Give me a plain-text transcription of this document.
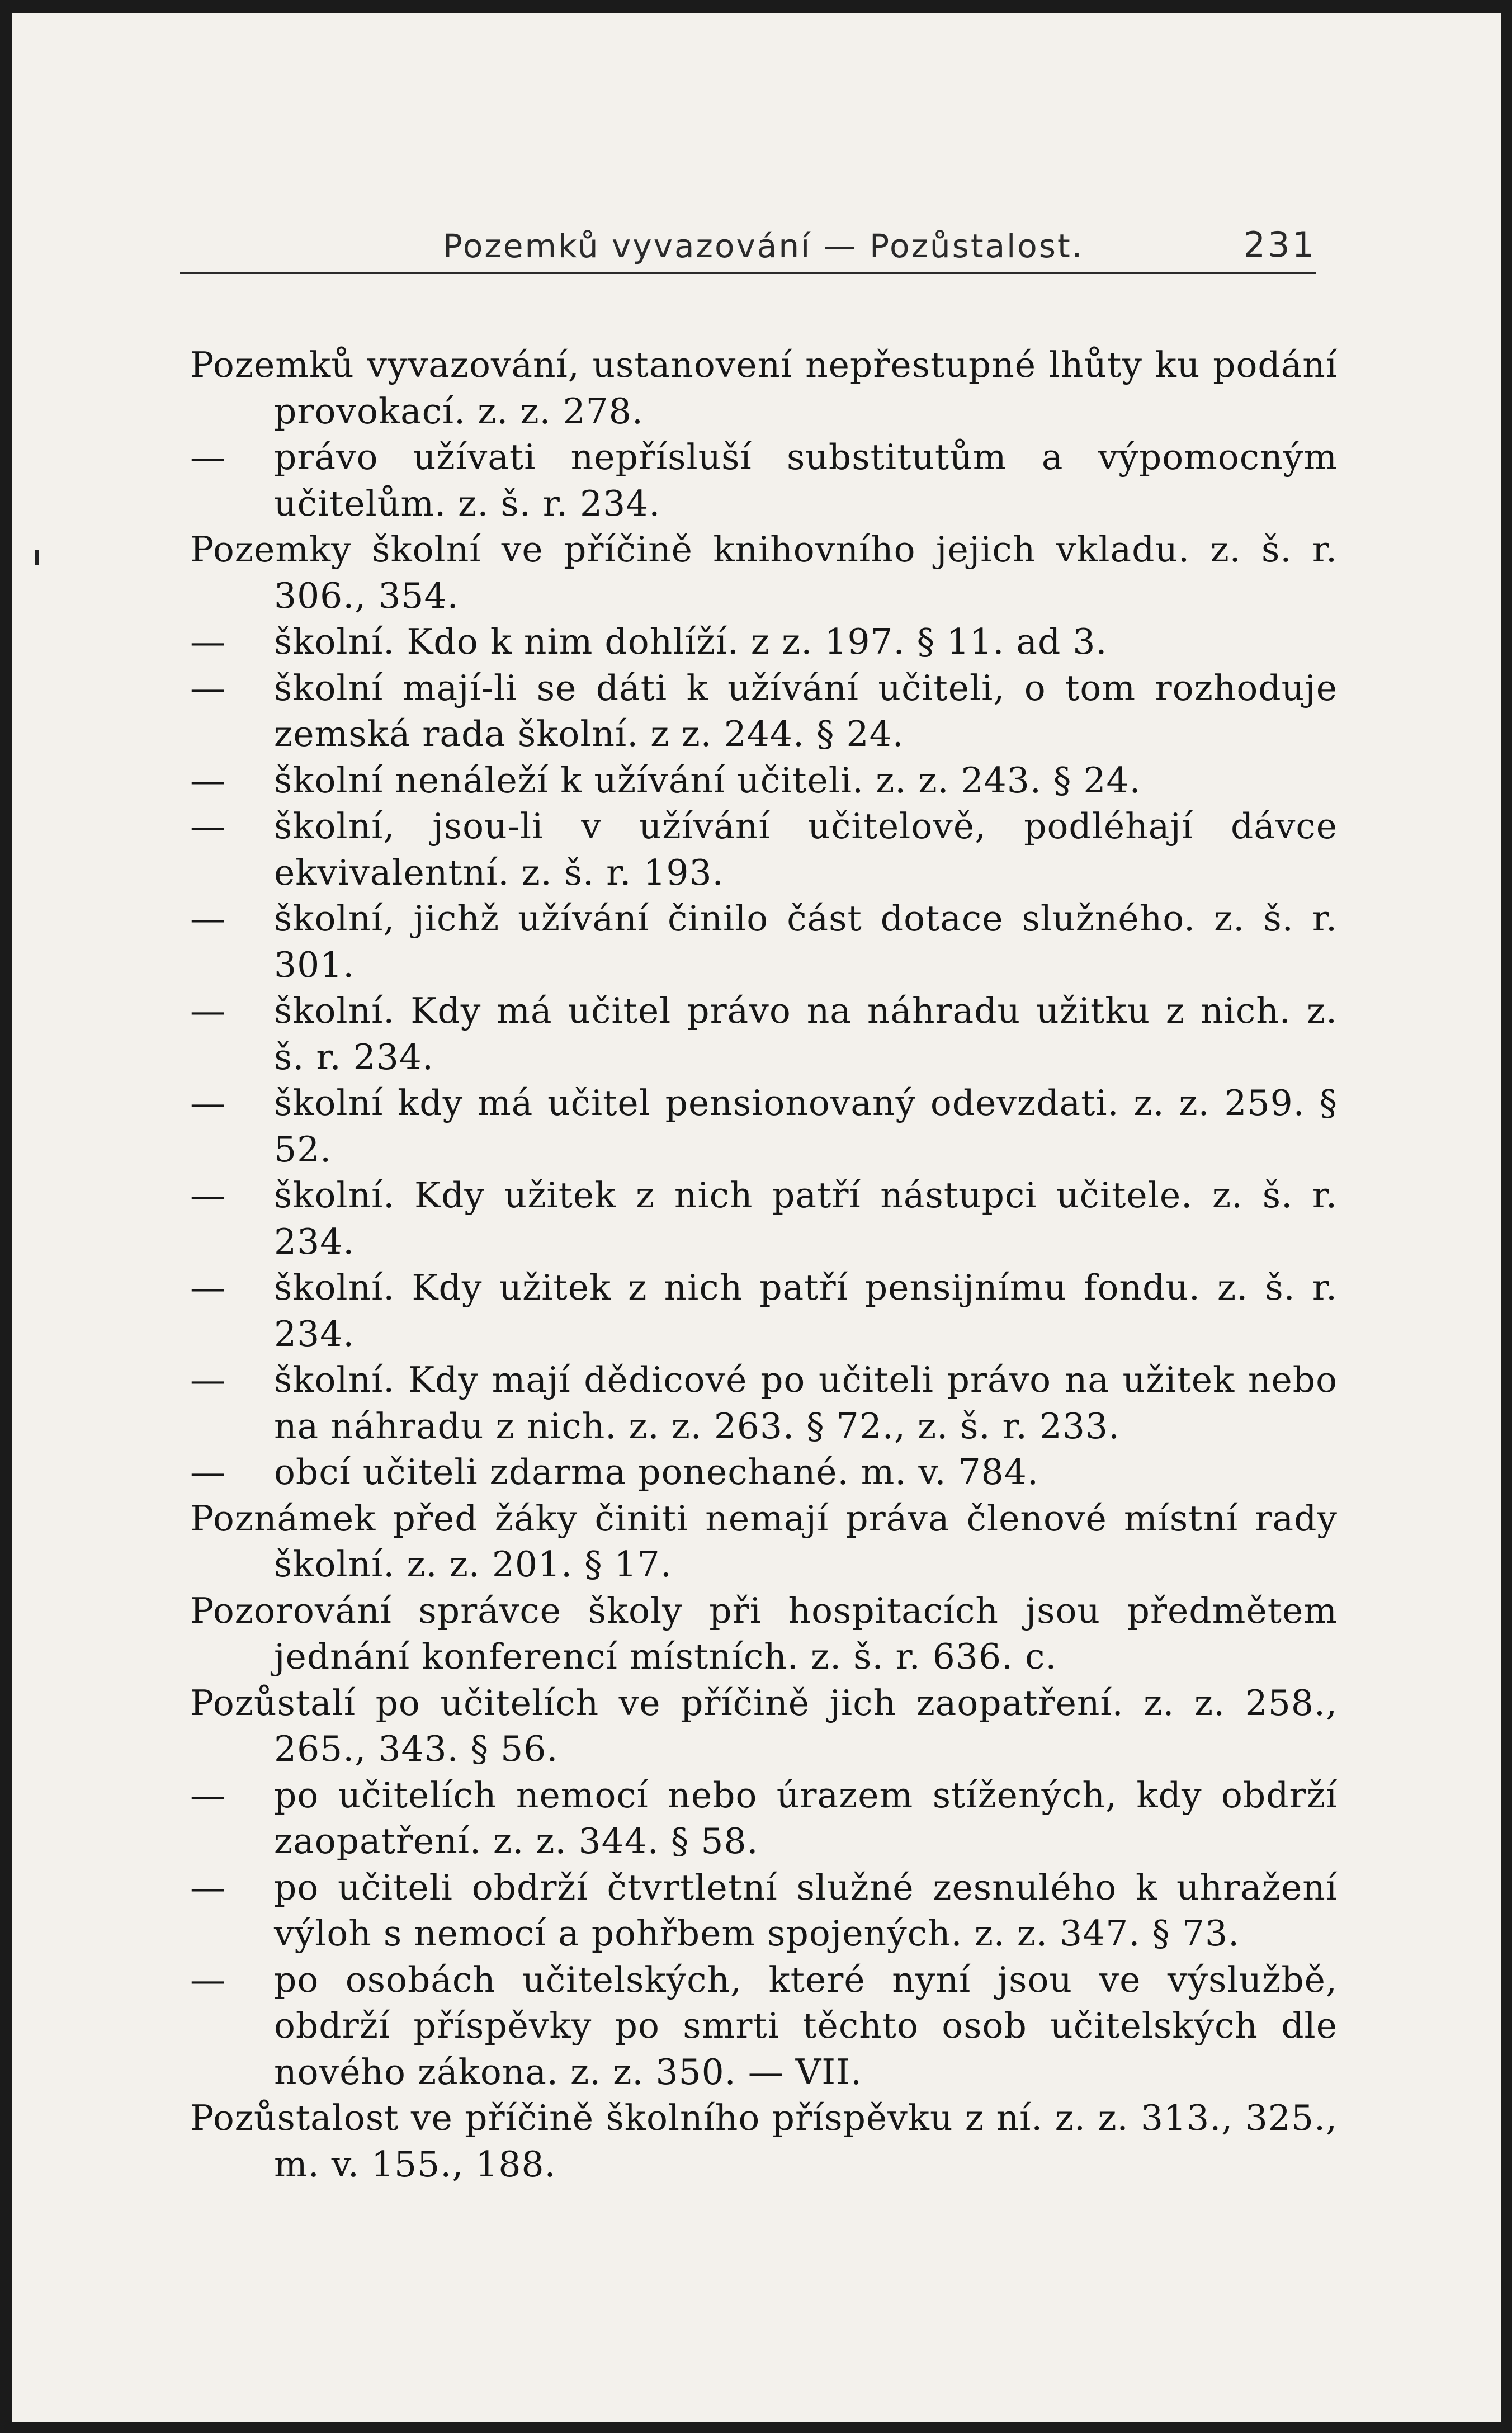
Pozemků vyvazování — Pozůstalost.	231

Pozemků vyvazování, ustanovení nepřestupné lhůty ku podání provokací. z. z. 278.

— právo užívati nepřísluší substitutům a výpomocným učitelům. z. š. r. 234.

Pozemky školní ve příčině knihovního jejich vkladu. z. š. r. 306., 354.

— školní. Kdo k nim dohlíží. z z. 197. § 11. ad 3.

— školní mají-li se dáti k užívání učiteli, o tom rozhoduje zemská rada školní. z z. 244. § 24.

— školní nenáleží k užívání učiteli. z. z. 243. § 24.

— školní, jsou-li v užívání učitelově, podléhají dávce ekvivalentní. z. š. r. 193.

— školní, jichž užívání činilo část dotace služného. z. š. r. 301.

— školní. Kdy má učitel právo na náhradu užitku z nich. z. š. r. 234.

— školní kdy má učitel pensionovaný odevzdati. z. z. 259. § 52.

— školní. Kdy užitek z nich patří nástupci učitele. z. š. r. 234.

— školní. Kdy užitek z nich patří pensijnímu fondu. z. š. r. 234.

— školní. Kdy mají dědicové po učiteli právo na užitek nebo na náhradu z nich. z. z. 263. § 72., z. š. r. 233.

— obcí učiteli zdarma ponechané. m. v. 784.

Poznámek před žáky činiti nemají práva členové místní rady školní. z. z. 201. § 17.

Pozorování správce školy při hospitacích jsou předmětem jednání konferencí místních. z. š. r. 636. c.

Pozůstalí po učitelích ve příčině jich zaopatření. z. z. 258., 265., 343. § 56.

— po učitelích nemocí nebo úrazem stížených, kdy obdrží zaopatření. z. z. 344. § 58.

— po učiteli obdrží čtvrtletní služné zesnulého k uhražení výloh s nemocí a pohřbem spojených. z. z. 347. § 73.

— po osobách učitelských, které nyní jsou ve výslužbě, obdrží příspěvky po smrti těchto osob učitelských dle nového zákona. z. z. 350. — VII.

Pozůstalost ve příčině školního příspěvku z ní. z. z. 313., 325., m. v. 155., 188.
